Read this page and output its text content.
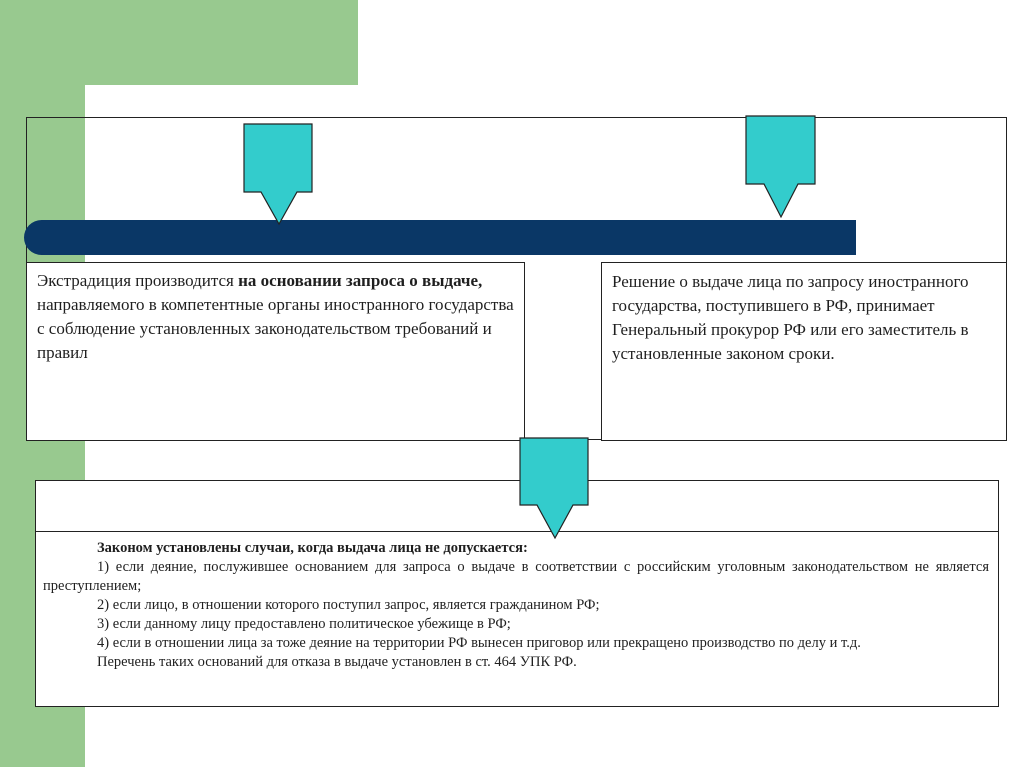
Экстрадиция производится на основании запроса о выдаче, направляемого в компетентные органы иностранного государства с соблюдение установленных законодательством требований и правил
Решение о выдаче лица по запросу иностранного государства, поступившего в РФ, принимает Генеральный прокурор РФ или его заместитель в установленные законом сроки.

Законом установлены случаи, когда выдача лица не допускается:

1) если деяние, послужившее основанием для запроса о выдаче в соответствии с российским уголовным законодательством не является преступлением;

2) если лицо, в отношении которого поступил запрос, является гражданином РФ;

3) если данному лицу предоставлено политическое убежище в РФ;

4) если в отношении лица за тоже деяние на территории РФ вынесен приговор или прекращено производство по делу и т.д.

Перечень таких оснований для отказа в выдаче установлен в ст. 464 УПК РФ.
